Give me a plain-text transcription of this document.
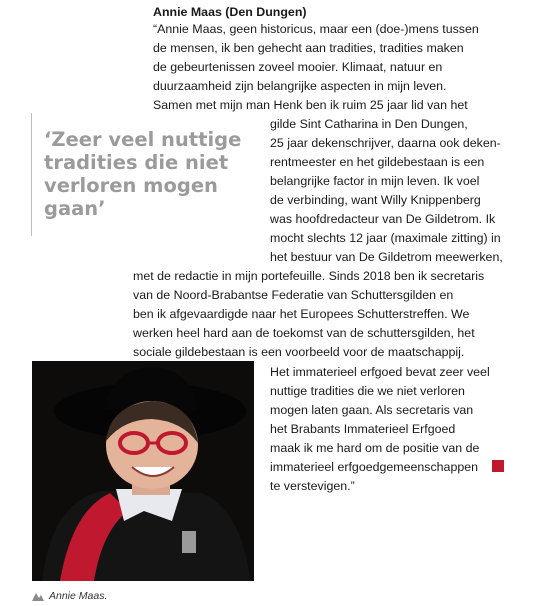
Annie Maas (Den Dungen)
“Annie Maas, geen historicus, maar een (doe-)mens tussen
de mensen, ik ben gehecht aan tradities, tradities maken
de gebeurtenissen zoveel mooier. Klimaat, natuur en
duurzaamheid zijn belangrijke aspecten in mijn leven.
Samen met mijn man Henk ben ik ruim 25 jaar lid van het
gilde Sint Catharina in Den Dungen,
25 jaar dekenschrijver, daarna ook deken-
rentmeester en het gildebestaan is een
belangrijke factor in mijn leven. Ik voel
de verbinding, want Willy Knippenberg
was hoofdredacteur van De Gildetrom. Ik
mocht slechts 12 jaar (maximale zitting) in
het bestuur van De Gildetrom meewerken,
met de redactie in mijn portefeuille. Sinds 2018 ben ik secretaris
van de Noord-Brabantse Federatie van Schuttersgilden en
ben ik afgevaardigde naar het Europees Schutterstreffen. We
werken heel hard aan de toekomst van de schuttersgilden, het
sociale gildebestaan is een voorbeeld voor de maatschappij.
Het immaterieel erfgoed bevat zeer veel
nuttige tradities die we niet verloren
mogen laten gaan. Als secretaris van
het Brabants Immaterieel Erfgoed
maak ik me hard om de positie van de
immaterieel erfgoedgemeenschappen
te verstevigen.”
‘Zeer veel nuttige
tradities die niet
verloren mogen
gaan’
Annie Maas.
